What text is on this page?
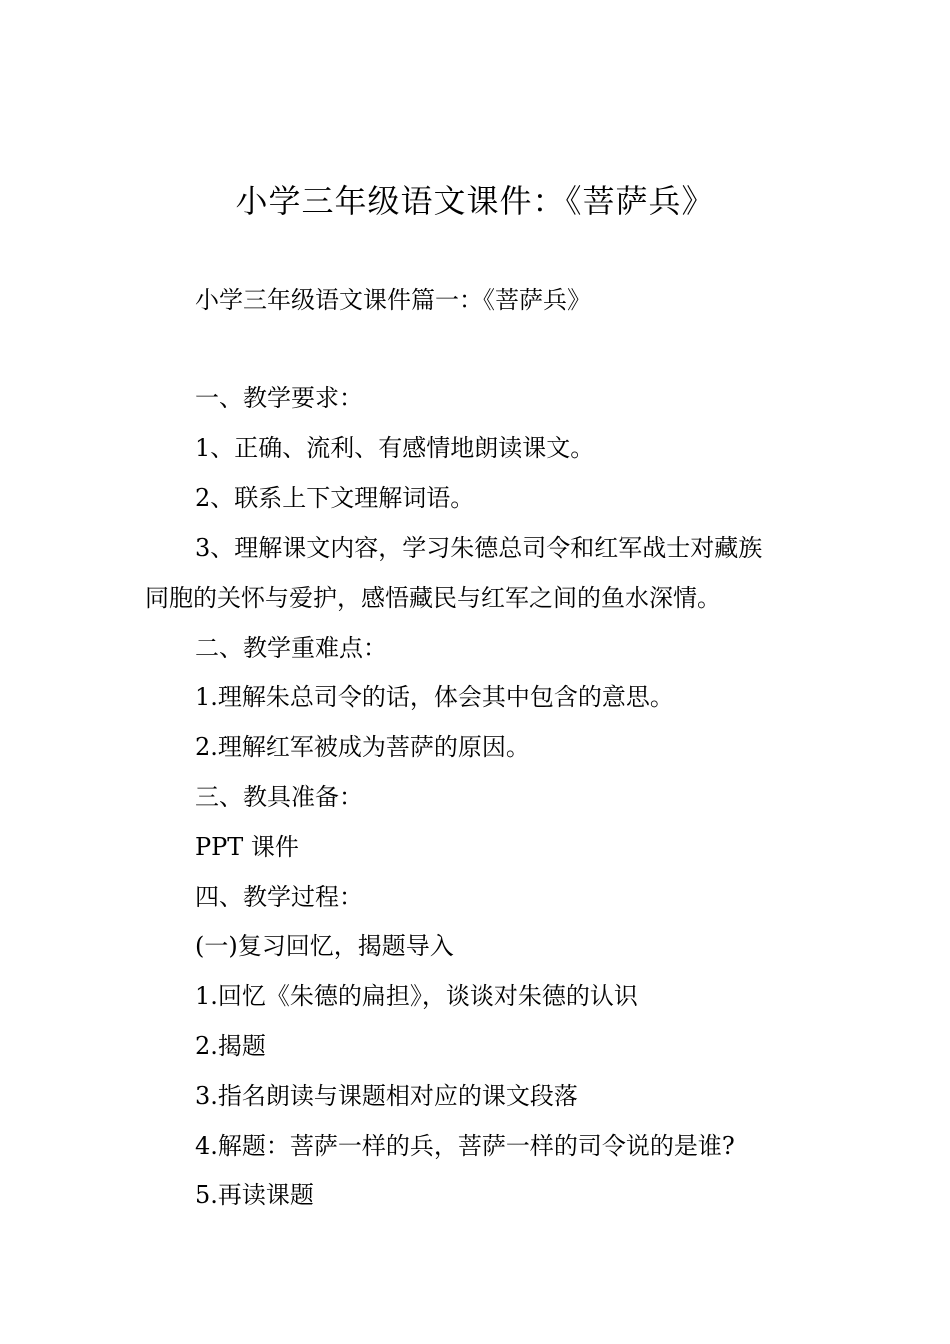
小学三年级语文课件：《菩萨兵》

小学三年级语文课件篇一：《菩萨兵》

一、教学要求：

1、正确、流利、有感情地朗读课文。

2、联系上下文理解词语。

3、理解课文内容，学习朱德总司令和红军战士对藏族

同胞的关怀与爱护，感悟藏民与红军之间的鱼水深情。

二、教学重难点：

1.理解朱总司令的话，体会其中包含的意思。

2.理解红军被成为菩萨的原因。

三、教具准备：

PPT 课件

四、教学过程：

(一)复习回忆，揭题导入

1.回忆《朱德的扁担》，谈谈对朱德的认识

2.揭题

3.指名朗读与课题相对应的课文段落

4.解题：菩萨一样的兵，菩萨一样的司令说的是谁?

5.再读课题
